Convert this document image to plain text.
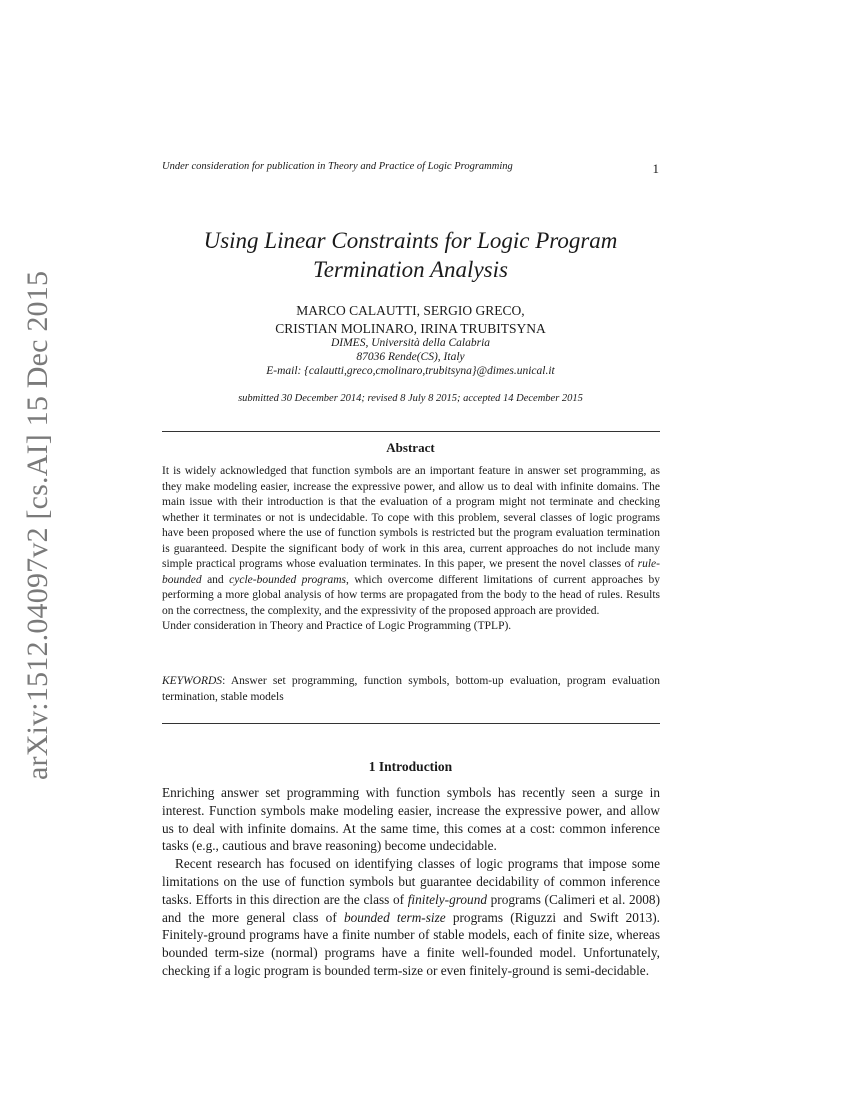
arXiv:1512.04097v2 [cs.AI] 15 Dec 2015
Under consideration for publication in Theory and Practice of Logic Programming	1
Using Linear Constraints for Logic Program
Termination Analysis
MARCO CALAUTTI, SERGIO GRECO,
CRISTIAN MOLINARO, IRINA TRUBITSYNA
DIMES, Università della Calabria
87036 Rende(CS), Italy
E-mail: {calautti,greco,cmolinaro,trubitsyna}@dimes.unical.it
submitted 30 December 2014; revised 8 July 8 2015; accepted 14 December 2015
Abstract

It is widely acknowledged that function symbols are an important feature in answer set programming, as they make modeling easier, increase the expressive power, and allow us to deal with infinite domains. The main issue with their introduction is that the evaluation of a program might not terminate and checking whether it terminates or not is undecidable. To cope with this problem, several classes of logic programs have been proposed where the use of function symbols is restricted but the program evaluation termination is guaranteed. Despite the significant body of work in this area, current approaches do not include many simple practical programs whose evaluation terminates. In this paper, we present the novel classes of rule-bounded and cycle-bounded programs, which overcome different limitations of current approaches by performing a more global analysis of how terms are propagated from the body to the head of rules. Results on the correctness, the complexity, and the expressivity of the proposed approach are provided.

Under consideration in Theory and Practice of Logic Programming (TPLP).

KEYWORDS: Answer set programming, function symbols, bottom-up evaluation, program evaluation termination, stable models
1 Introduction

Enriching answer set programming with function symbols has recently seen a surge in interest. Function symbols make modeling easier, increase the expressive power, and allow us to deal with infinite domains. At the same time, this comes at a cost: common inference tasks (e.g., cautious and brave reasoning) become undecidable.

Recent research has focused on identifying classes of logic programs that impose some limitations on the use of function symbols but guarantee decidability of common inference tasks. Efforts in this direction are the class of finitely-ground programs (Calimeri et al. 2008) and the more general class of bounded term-size programs (Riguzzi and Swift 2013). Finitely-ground programs have a finite number of stable models, each of finite size, whereas bounded term-size (normal) programs have a finite well-founded model. Unfortunately, checking if a logic program is bounded term-size or even finitely-ground is semi-decidable.
